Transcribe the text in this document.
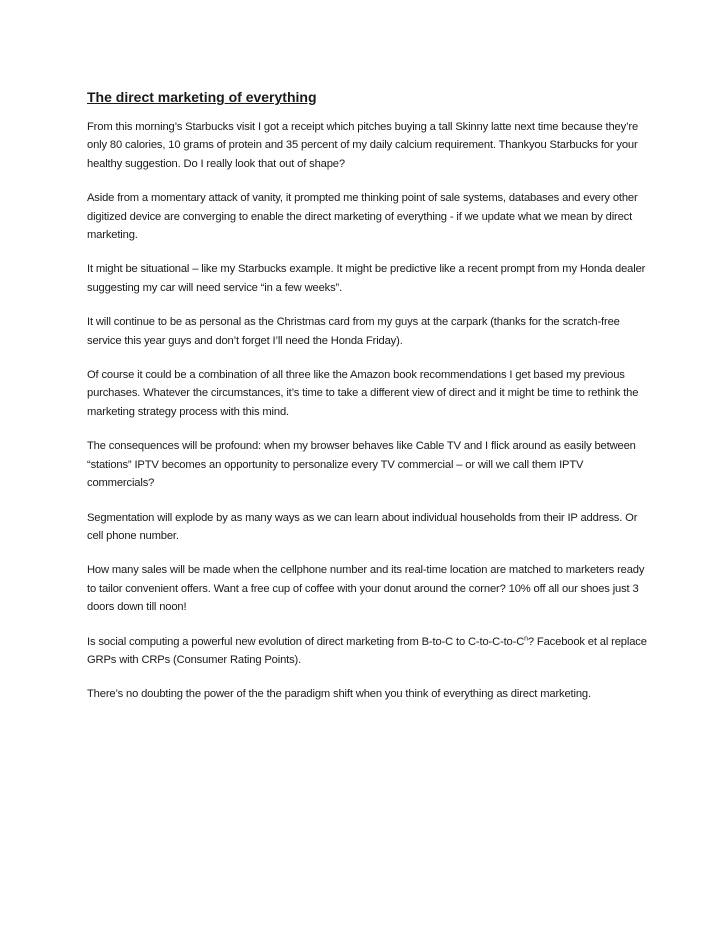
The direct marketing of everything

From this morning’s Starbucks visit I got a receipt which pitches buying a tall Skinny latte next time because they’re only 80 calories, 10 grams of protein and 35 percent of my daily calcium requirement. Thankyou Starbucks for your healthy suggestion. Do I really look that out of shape?

Aside from a momentary attack of vanity, it prompted me thinking point of sale systems, databases and every other digitized device are converging to enable the direct marketing of everything - if we update what we mean by direct marketing.

It might be situational – like my Starbucks example. It might be predictive like a recent prompt from my Honda dealer suggesting my car will need service “in a few weeks”.

It will continue to be as personal as the Christmas card from my guys at the carpark (thanks for the scratch-free service this year guys and don’t forget I’ll need the Honda Friday).

Of course it could be a combination of all three like the Amazon book recommendations I get based my previous purchases. Whatever the circumstances, it’s time to take a different view of direct and it might be time to rethink the marketing strategy process with this mind.

The consequences will be profound: when my browser behaves like Cable TV and I flick around as easily between “stations” IPTV becomes an opportunity to personalize every TV commercial – or will we call them IPTV commercials?

Segmentation will explode by as many ways as we can learn about individual households from their IP address. Or cell phone number.

How many sales will be made when the cellphone number and its real-time location are matched to marketers ready to tailor convenient offers. Want a free cup of coffee with your donut around the corner? 10% off all our shoes just 3 doors down till noon!

Is social computing a powerful new evolution of direct marketing from B-to-C to $C-to-C-to-C^n$? Facebook et al replace GRPs with CRPs (Consumer Rating Points).

There’s no doubting the power of the the paradigm shift when you think of everything as direct marketing.
